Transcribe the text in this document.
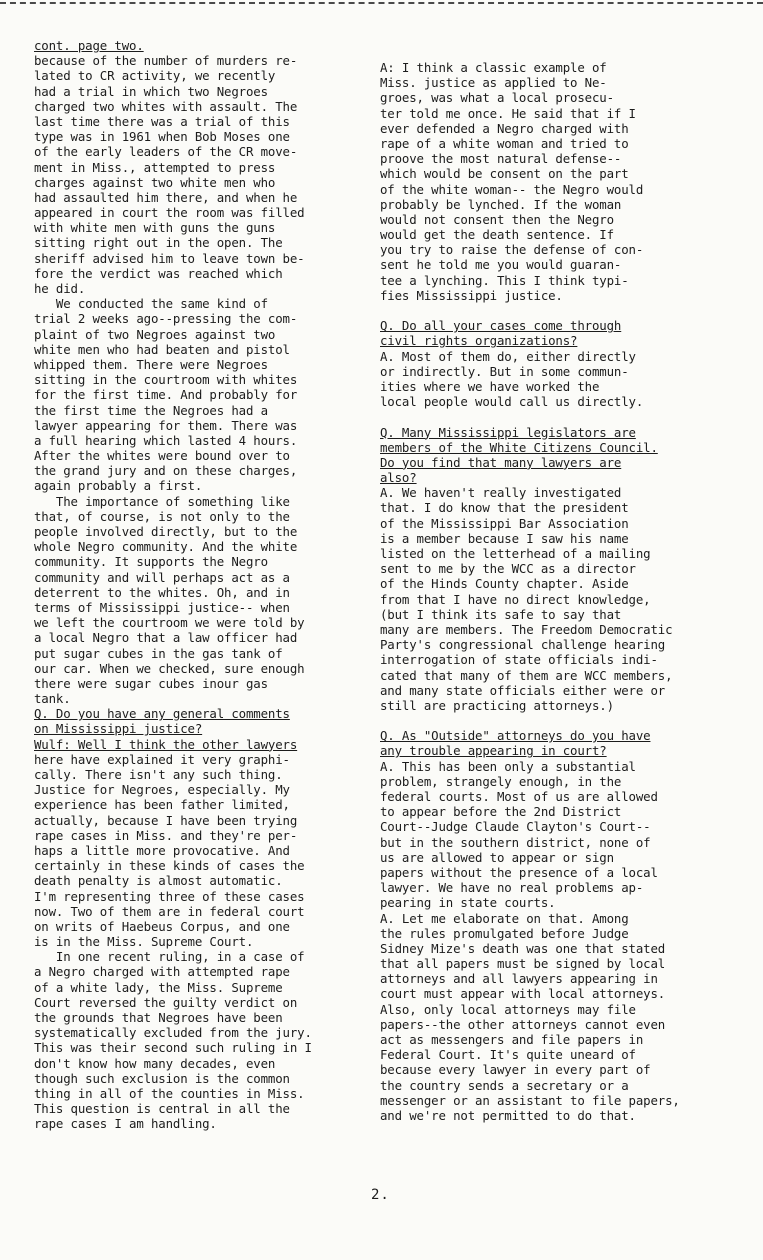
cont. page two.
because of the number of murders re-
lated to CR activity, we recently
had a trial in which two Negroes
charged two whites with assault. The
last time there was a trial of this
type was in 1961 when Bob Moses one
of the early leaders of the CR move-
ment in Miss., attempted to press
charges against two white men who
had assaulted him there, and when he
appeared in court the room was filled
with white men with guns the guns
sitting right out in the open. The
sheriff advised him to leave town be-
fore the verdict was reached which
he did.
We conducted the same kind of
trial 2 weeks ago--pressing the com-
plaint of two Negroes against two
white men who had beaten and pistol
whipped them. There were Negroes
sitting in the courtroom with whites
for the first time. And probably for
the first time the Negroes had a
lawyer appearing for them. There was
a full hearing which lasted 4 hours.
After the whites were bound over to
the grand jury and on these charges,
again probably a first.
The importance of something like
that, of course, is not only to the
people involved directly, but to the
whole Negro community. And the white
community. It supports the Negro
community and will perhaps act as a
deterrent to the whites. Oh, and in
terms of Mississippi justice-- when
we left the courtroom we were told by
a local Negro that a law officer had
put sugar cubes in the gas tank of
our car. When we checked, sure enough
there were sugar cubes inour gas
tank.
Q. Do you have any general comments
on Mississippi justice?
Wulf: Well I think the other lawyers
here have explained it very graphi-
cally. There isn't any such thing.
Justice for Negroes, especially. My
experience has been father limited,
actually, because I have been trying
rape cases in Miss. and they're per-
haps a little more provocative. And
certainly in these kinds of cases the
death penalty is almost automatic.
I'm representing three of these cases
now. Two of them are in federal court
on writs of Haebeus Corpus, and one
is in the Miss. Supreme Court.
In one recent ruling, in a case of
a Negro charged with attempted rape
of a white lady, the Miss. Supreme
Court reversed the guilty verdict on
the grounds that Negroes have been
systematically excluded from the jury.
This was their second such ruling in I
don't know how many decades, even
though such exclusion is the common
thing in all of the counties in Miss.
This question is central in all the
rape cases I am handling.
A: I think a classic example of
Miss. justice as applied to Ne-
groes, was what a local prosecu-
ter told me once. He said that if I
ever defended a Negro charged with
rape of a white woman and tried to
proove the most natural defense--
which would be consent on the part
of the white woman-- the Negro would
probably be lynched. If the woman
would not consent then the Negro
would get the death sentence. If
you try to raise the defense of con-
sent he told me you would guaran-
tee a lynching. This I think typi-
fies Mississippi justice.
Q. Do all your cases come through
civil rights organizations?
A. Most of them do, either directly
or indirectly. But in some commun-
ities where we have worked the
local people would call us directly.
Q. Many Mississippi legislators are
members of the White Citizens Council.
Do you find that many lawyers are
also?
A. We haven't really investigated
that. I do know that the president
of the Mississippi Bar Association
is a member because I saw his name
listed on the letterhead of a mailing
sent to me by the WCC as a director
of the Hinds County chapter. Aside
from that I have no direct knowledge,
(but I think its safe to say that
many are members. The Freedom Democratic
Party's congressional challenge hearing
interrogation of state officials indi-
cated that many of them are WCC members,
and many state officials either were or
still are practicing attorneys.)
Q. As "Outside" attorneys do you have
any trouble appearing in court?
A. This has been only a substantial
problem, strangely enough, in the
federal courts. Most of us are allowed
to appear before the 2nd District
Court--Judge Claude Clayton's Court--
but in the southern district, none of
us are allowed to appear or sign
papers without the presence of a local
lawyer. We have no real problems ap-
pearing in state courts.
A. Let me elaborate on that. Among
the rules promulgated before Judge
Sidney Mize's death was one that stated
that all papers must be signed by local
attorneys and all lawyers appearing in
court must appear with local attorneys.
Also, only local attorneys may file
papers--the other attorneys cannot even
act as messengers and file papers in
Federal Court. It's quite uneard of
because every lawyer in every part of
the country sends a secretary or a
messenger or an assistant to file papers,
and we're not permitted to do that.
2.
